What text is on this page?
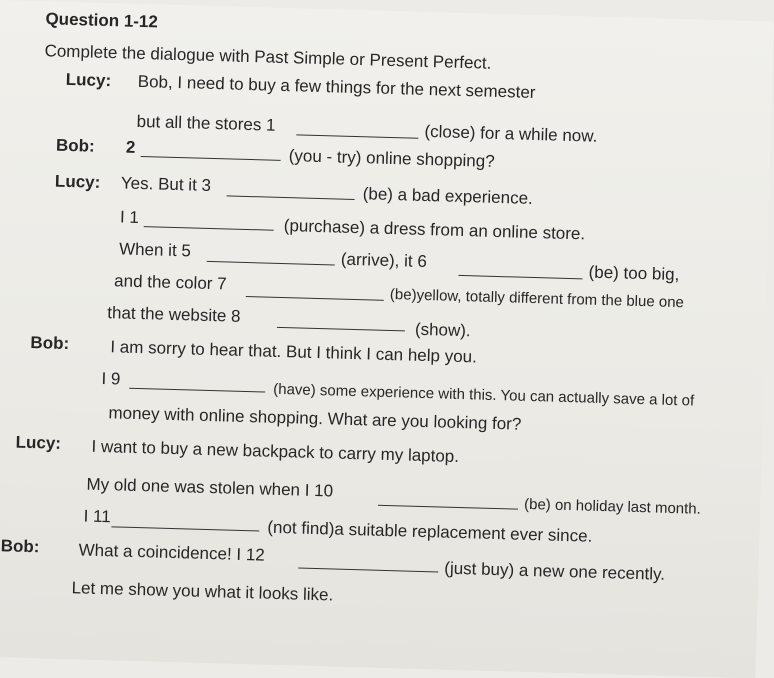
Question 1-12
Complete the dialogue with Past Simple or Present Perfect.
Lucy: Bob, I need to buy a few things for the next semester
but all the stores 1	(close) for a while now.
Bob: 2	(you - try) online shopping?
Lucy: Yes. But it 3
(be) a bad experience.
I 1	(purchase) a dress from an online store.
When it 5	(arrive), it 6
(be) too big,
and the color 7
(be)yellow, totally different from the blue one
that the website 8
(show).
Bob: I am sorry to hear that. But I think I can help you.
I 9
(have) some experience with this. You can actually save a lot of
money with online shopping. What are you looking for?
Lucy: I want to buy a new backpack to carry my laptop.
My old one was stolen when I 10
(be) on holiday last month.
I 11
(not find)a suitable replacement ever since.
Bob: What a coincidence! I 12
(just buy) a new one recently.
Let me show you what it looks like.
